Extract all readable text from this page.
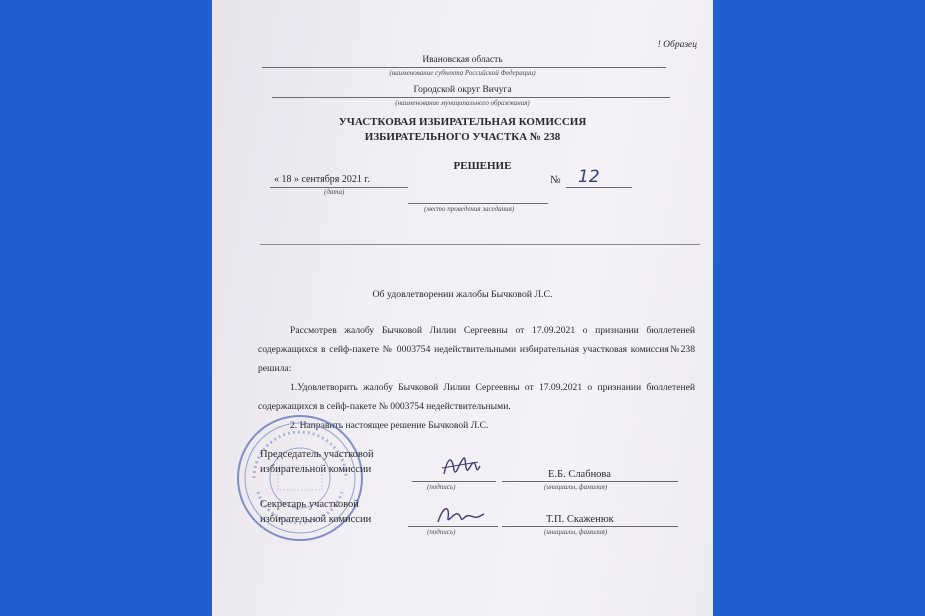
! Образец
Ивановская область
(наименование субъекта Российской Федерации)
Городской округ Вичуга
(наименование муниципального образования)
УЧАСТКОВАЯ ИЗБИРАТЕЛЬНАЯ КОМИССИЯ
ИЗБИРАТЕЛЬНОГО УЧАСТКА № 238
РЕШЕНИЕ
« 18 » сентября 2021 г.
(дата)
№ 12
(место проведения заседания)
Об удовлетворении жалобы Бычковой Л.С.
Рассмотрев жалобу Бычковой Лилии Сергеевны от 17.09.2021 о признании бюллетеней содержащихся в сейф-пакете № 0003754 недействительными избирательная участковая комиссия№238 решила:
1.Удовлетворить жалобу Бычковой Лилии Сергеевны от 17.09.2021 о признании бюллетеней содержащихся в сейф-пакете № 0003754 недействительными.
2. Направить настоящее решение Бычковой Л.С.
Председатель участковой
избирательной комиссии
(подпись)
Е.Б. Слабнова
(инициалы, фамилия)
Секретарь участковой
избирательной комиссии
(подпись)
Т.П. Скаженюк
(инициалы, фамилия)
